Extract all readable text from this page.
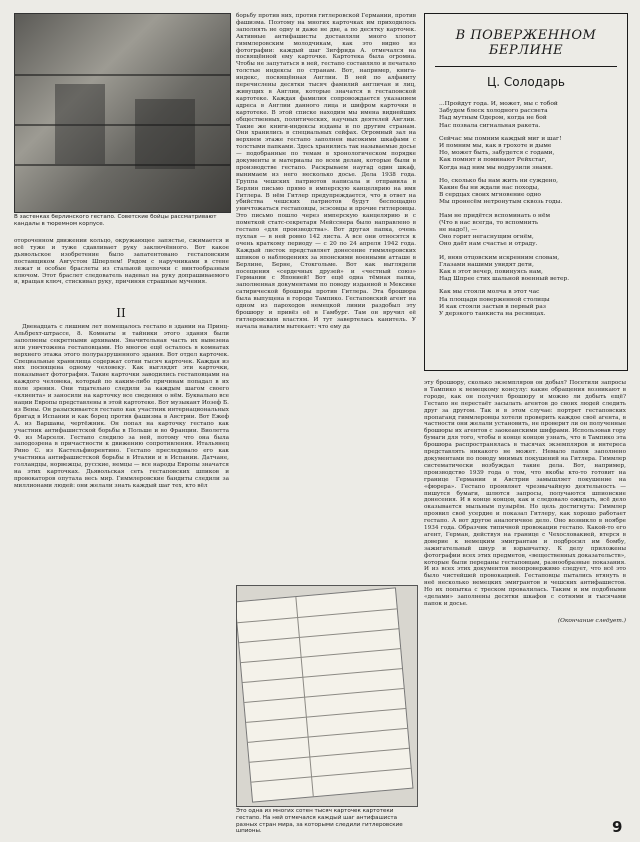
В застенках берлинского гестапо. Советские бойцы рассматривают кандалы в тюремном корпусе.

отороченном движении кольцо, окружающее запястье, сжимается и всё туже и туже сдавливает руку заключённого. Вот какое дьявольское изобретение было запатентовано гестаповским поставщиком Августом Шперлем! Рядом с наручниками в стене лежат и особые браслеты из стальной цепочки с винтообразным ключом. Этот браслет следователь надевал на руку допрашиваемого и, вращая ключ, стискивал руку, причиняя страшные мучения.

II

Двенадцать с лишним лет помещалось гестапо в здании на Принц-Альбрехт-штрассе, 8. Комнаты и тайники этого здания были заполнены секретными архивами. Значительная часть их вывезена или уничтожена гестаповцами. Но многое ещё осталось в комнатах верхнего этажа этого полуразрушенного здания. Вот отдел карточек. Специальные хранилища содержат сотни тысяч карточек. Каждая из них посвящена одному человеку. Как выглядят эти карточки, показывает фотография. Такие карточки заводились гестаповцами на каждого человека, который по каким-либо причинам попадал в их поле зрения. Они тщательно следили за каждым шагом своего «клиента» и заносили на карточку все сведения о нём. Буквально все нации Европы представлены в этой картотеке. Вот музыкант Иозеф Б. из Вены. Он разыскивается гестапо как участник интернациональных бригад в Испании и как борец против фашизма в Австрии. Вот Ежеф А. из Варшавы, чертёжник. Он попал на карточку гестапо как участник антифашистской борьбы в Польше и во Франции. Виолетта Ф. из Марселя. Гестапо следило за ней, потому что она была заподозрена в причастности к движению сопротивления. Итальянец Рино С. из Кастельфиорентино. Гестапо преследовало его как участника антифашистской борьбы в Италии и в Испании. Датчане, голландцы, норвежцы, русские, немцы — все народы Европы значатся на этих карточках. Дьявольская сеть гестаповских шпиков и провокаторов опутала весь мир. Гиммлеровские бандиты следили за миллионами людей: они желали знать каждый шаг тех, кто вёл

борьбу против них, против гитлеровской Германии, против фашизма. Поэтому на многих карточках им приходилось заполнять не одну и даже не две, а по десятку карточек. Активные антифашисты доставляли много хлопот гиммлеровским молодчикам, как это видно из фотографии: каждый шаг Зигфрида А. отмечался на посвящённой ему карточке. Картотека была огромна. Чтобы не запутаться в ней, гестапо составляло и печатало толстые индексы по странам. Вот, например, книга-индекс, посвящённая Англии. В ней по алфавиту перечислены десятки тысяч фамилий англичан и лиц, живущих в Англии, которые значатся в гестаповской картотеке. Каждая фамилия сопровождается указанием адреса в Англии данного лица и шифром карточки в картотеке. В этой списке находим мы имена виднейших общественных, политических, научных деятелей Англии. Такие же книги-индексы изданы и по другим странам. Они хранились в специальных сейфах. Огромный зал на верхнем этаже гестапо заполнен высокими шкафами с толстыми папками. Здесь хранились так называемые досье — подобранные по темам в хронологическом порядке документы и материалы по всем делам, которые были в производстве гестапо. Раскрываем наугад один шкаф, вынимаем из него несколько досье. Дела 1938 года. Группа чешских патриотов написала и отправила в Берлин письмо прямо в имперскую канцелярию на имя Гитлера. В нём Гитлер предупреждается, что в ответ на убийства чешских патриотов будут беспощадно уничтожаться гестаповцы, эсэсовцы и прочие гитлеровцы. Это письмо пошло через имперскую канцелярию и с пометкой статс-секретаря Мейсснера было направлено в гестапо «для производства». Вот другая папка, очень пухлая — в ней ровно 142 листа. А все они относятся к очень краткому периоду — с 20 по 24 апреля 1942 года. Каждый листок представляет донесение гиммлеровских шпиков о наблюдениях за японскими военными атташе в Берлине, Берне, Стокгольме. Вот как выглядели посещения «сердечных друзей» и «честный союз» Германии с Японией! Вот ещё одна тёмная папка, заполненная документами по поводу изданной в Мексике сатирической брошюры против Гитлера. Эта брошюра была выпущена в городе Тампико. Гестаповский агент на одном из пароходов немецкой линии раздобыл эту брошюру и привёз её в Гамбург. Там он вручил её гитлеровским властям. И тут завертелась канитель. У начала навалим вытекает: что ему да

Это одна из многих сотен тысяч карточек картотеки гестапо. На ней отмечался каждый шаг антифашиста разных стран мира, за которыми следили гитлеровские шпионы.

В ПОВЕРЖЕННОМ
БЕРЛИНЕ
Ц. Солодарь
...Пройдут года. И, может, мы с тобой
Забудем блеск холодного рассвета
Над мутным Одером, когда не бой
Нас позвала сигнальная ракета.
Сейчас мы помним каждый миг и шаг!
И помним мы, как в грохоте и дыме
Но, может быть, забудется с годами,
Как помнят и поминают Рейхстаг,
Когда над ним мы водрузили знамя.
Но, сколько бы нам жить ни суждено,
Какие бы ни ждали нас походы,
В сердцах своих мгновение одно
Мы пронесём нетронутым сквозь годы.
Нам не придётся вспоминать о нём
(Что в нас всегда, то вспомнить
не надо!), —
Оно горит негаснущим огнём,
Оно даёт нам счастье и отраду.
И, вняв отцовским искренним словам,
Глазами нашими увидят дети,
Как в этот вечер, повинуясь нам,
Над Шпрее стих шальной военный ветер.
Как мы стояли молча в этот час
На площади поверженной столицы
И как стояли застыв в первый раз
У дерзкого танкиста на ресницах.

эту брошюру, сколько экземпляров он добыл? Посетили запросы в Тампико к немецкому консулу: какие обращения возникают в городе, как он получил брошюру и можно ли добыть ещё? Гестапо не перестаёт засылать агентов до своих людей следить друг за другом. Так и в этом случае: портрет гестаповских пропаганд гиммлеровцы хотели проверить каждое своё агента, в частности они желали установить, не проверит ли он полученные брошюры их агентов с заокеанскими шифрами. Использовав гору бумаги для того, чтобы в конце концов узнать, что в Тампико эта брошюра распространялась в тысячах экземпляров и интереса представлять никакого не может. Немало папок заполнено документами по поводу мнимых покушений на Гитлера. Гиммлер систематически возбуждал такие дела. Вот, например, производство 1939 года о том, что якобы кто-то готовит на границе Германии и Австрии замышляет покушение на «фюрера». Гестапо проявляет чрезвычайную деятельность — пишутся бумаги, шлются запросы, получаются шпионские донесения. И в конце концов, как и следовало ожидать, всё дело оказывается мыльным пузырём. Но цель достигнута: Гиммлер проявил своё усердие и показал Гитлеру, как хорошо работает гестапо. А вот другое аналогичное дело. Оно возникло в ноябре 1934 года. Образчик типичной провокации гестапо. Какой-то его агент, Герман, действуя на границе с Чехословакией, втерся в доверие к немецким эмигрантам и подбросил им бомбу, зажигательный шнур и взрывчатку. К делу приложены фотографии всех этих предметов, «вещественных доказательств», которые были переданы гестаповцам, разнообразные показания. И из всех этих документов неопровержимо следует, что всё это было чистейшей провокацией. Гестаповцы пытались втянуть в неё несколько немецких эмигрантов и чешских антифашистов. Но их попытка с треском провалилась. Таким и им подобными «делами» заполнены десятки шкафов с сотнями и тысячами папок и досье.

(Окончание следует.)

9
